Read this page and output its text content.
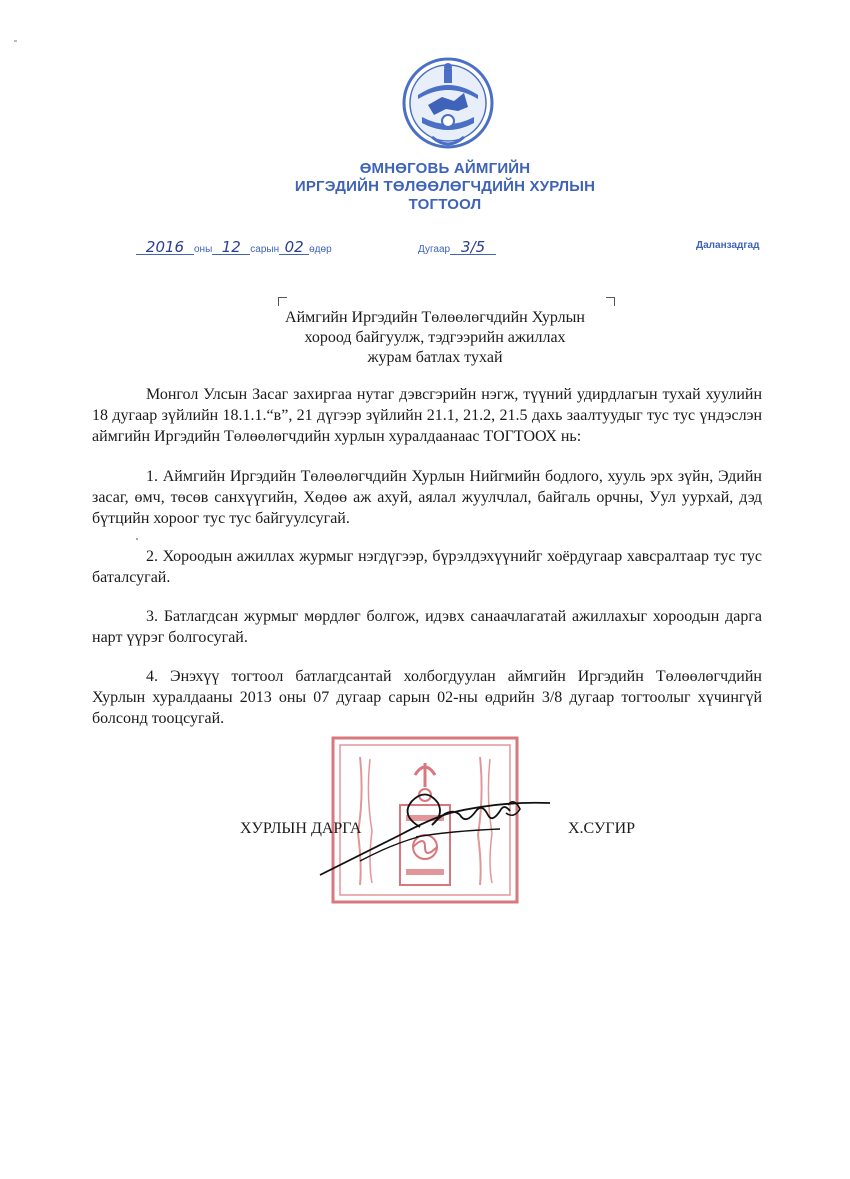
ӨМНӨГОВЬ АЙМГИЙН
ИРГЭДИЙН ТӨЛӨӨЛӨГЧДИЙН ХУРЛЫН
ТОГТООЛ
2016 оны 12 сарын 02 өдөр	Дугаар 3/5	Даланзадгад
Аймгийн Иргэдийн Төлөөлөгчдийн Хурлын
хороод байгуулж, тэдгээрийн ажиллах
журам батлах тухай

Монгол Улсын Засаг захиргаа нутаг дэвсгэрийн нэгж, түүний удирдлагын тухай хуулийн 18 дугаар зүйлийн 18.1.1.“в”, 21 дүгээр зүйлийн 21.1, 21.2, 21.5 дахь заалтуудыг тус тус үндэслэн аймгийн Иргэдийн Төлөөлөгчдийн хурлын хуралдаанаас ТОГТООХ нь:

1. Аймгийн Иргэдийн Төлөөлөгчдийн Хурлын Нийгмийн бодлого, хууль эрх зүйн, Эдийн засаг, өмч, төсөв санхүүгийн, Хөдөө аж ахуй, аялал жуулчлал, байгаль орчны, Уул уурхай, дэд бүтцийн хороог тус тус байгуулсугай.

2. Хороодын ажиллах журмыг нэгдүгээр, бүрэлдэхүүнийг хоёрдугаар хавсралтаар тус тус баталсугай.

3. Батлагдсан журмыг мөрдлөг болгож, идэвх санаачлагатай ажиллахыг хороодын дарга нарт үүрэг болгосугай.

4. Энэхүү тогтоол батлагдсантай холбогдуулан аймгийн Иргэдийн Төлөөлөгчдийн Хурлын хуралдааны 2013 оны 07 дугаар сарын 02-ны өдрийн 3/8 дугаар тогтоолыг хүчингүй болсонд тооцсугай.

ХУРЛЫН ДАРГА	Х.СУГИР
